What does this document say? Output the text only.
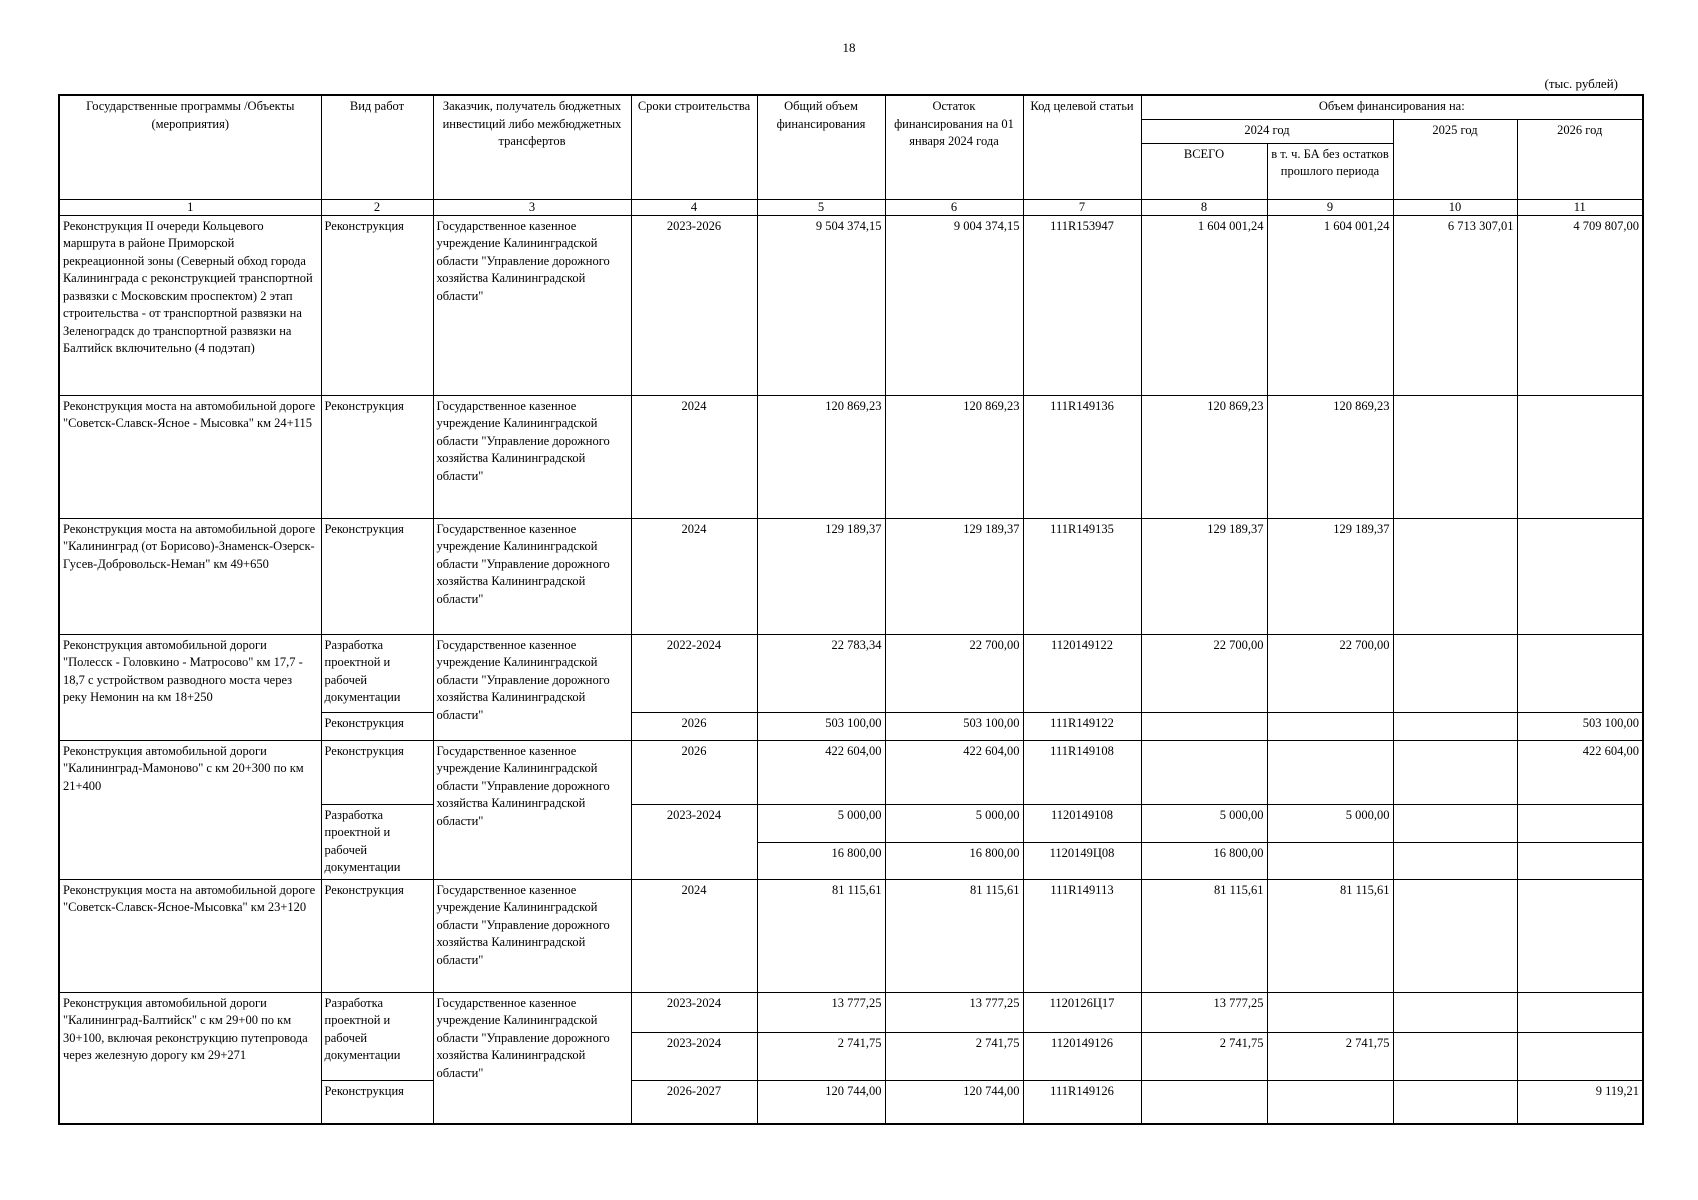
18
(тыс. рублей)
Государственные программы /Объекты (мероприятия)	Вид работ	Заказчик, получатель бюджетных инвестиций либо межбюджетных трансфертов	Сроки строительства	Общий объем финансирования	Остаток финансирования на 01 января 2024 года	Код целевой статьи	Объем финансирования на:			
							2024 год		2025 год	2026 год
							ВСЕГО	в т. ч. БА без остатков прошлого периода		
1	2	3	4	5	6	7	8	9	10	11
Реконструкция II очереди Кольцевого маршрута в районе Приморской рекреационной зоны (Северный обход города Калининграда с реконструкцией транспортной развязки с Московским проспектом) 2 этап строительства - от транспортной развязки на Зеленоградск до транспортной развязки на Балтийск включительно (4 подэтап)	Реконструкция	Государственное казенное учреждение Калининградской области "Управление дорожного хозяйства Калининградской области"	2023-2026	9 504 374,15	9 004 374,15	111R153947	1 604 001,24	1 604 001,24	6 713 307,01	4 709 807,00
Реконструкция моста на автомобильной дороге "Советск-Славск-Ясное - Мысовка" км 24+115	Реконструкция	Государственное казенное учреждение Калининградской области "Управление дорожного хозяйства Калининградской области"	2024	120 869,23	120 869,23	111R149136	120 869,23	120 869,23		
Реконструкция моста на автомобильной дороге "Калининград (от Борисово)-Знаменск-Озерск-Гусев-Добровольск-Неман" км 49+650	Реконструкция	Государственное казенное учреждение Калининградской области "Управление дорожного хозяйства Калининградской области"	2024	129 189,37	129 189,37	111R149135	129 189,37	129 189,37		
Реконструкция автомобильной дороги "Полесск - Головкино - Матросово" км 17,7 - 18,7 с устройством разводного моста через реку Немонин на км 18+250	Разработка проектной и рабочей документации	Государственное казенное учреждение Калининградской области "Управление дорожного хозяйства Калининградской области"	2022-2024	22 783,34	22 700,00	1120149122	22 700,00	22 700,00		
	Реконструкция		2026	503 100,00	503 100,00	111R149122				503 100,00
Реконструкция автомобильной дороги "Калининград-Мамоново" с км 20+300 по км 21+400	Реконструкция	Государственное казенное учреждение Калининградской области "Управление дорожного хозяйства Калининградской области"	2026	422 604,00	422 604,00	111R149108				422 604,00
	Разработка проектной и рабочей документации		2023-2024	5 000,00	5 000,00	1120149108	5 000,00	5 000,00		
				16 800,00	16 800,00	1120149Ц08	16 800,00			
Реконструкция моста на автомобильной дороге "Советск-Славск-Ясное-Мысовка" км 23+120	Реконструкция	Государственное казенное учреждение Калининградской области "Управление дорожного хозяйства Калининградской области"	2024	81 115,61	81 115,61	111R149113	81 115,61	81 115,61		
Реконструкция автомобильной дороги "Калининград-Балтийск" с км 29+00 по км 30+100, включая реконструкцию путепровода через железную дорогу км 29+271	Разработка проектной и рабочей документации	Государственное казенное учреждение Калининградской области "Управление дорожного хозяйства Калининградской области"	2023-2024	13 777,25	13 777,25	1120126Ц17	13 777,25			
			2023-2024	2 741,75	2 741,75	1120149126	2 741,75	2 741,75		
	Реконструкция		2026-2027	120 744,00	120 744,00	111R149126				9 119,21
